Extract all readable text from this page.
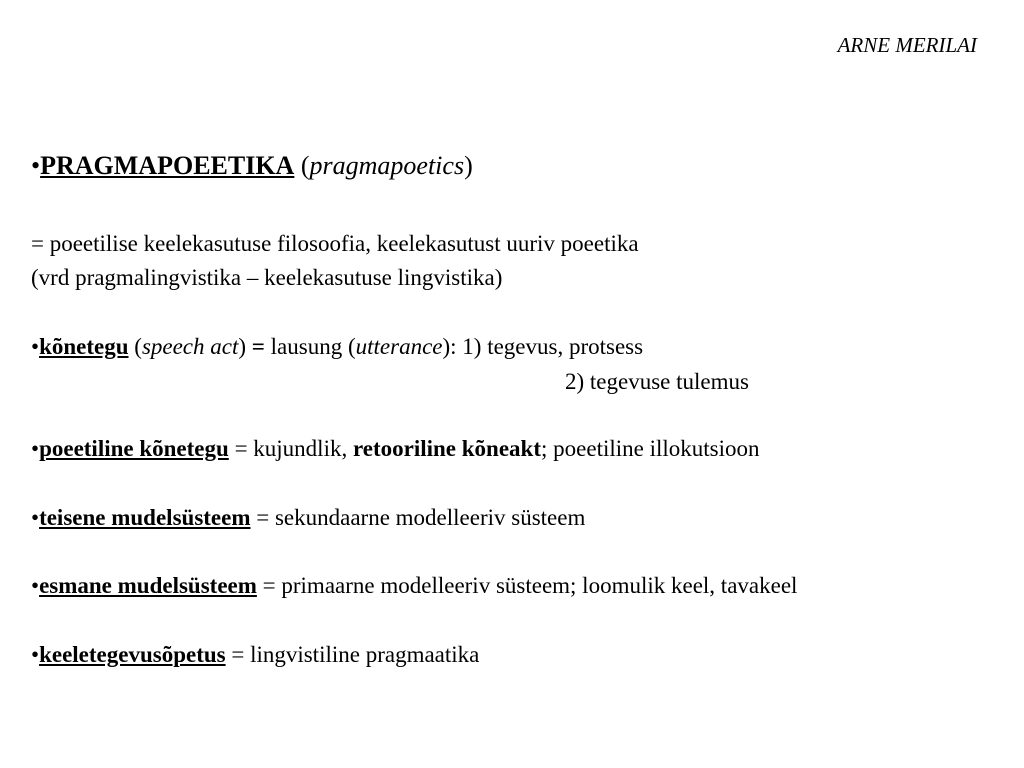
ARNE MERILAI
•PRAGMAPOEETIKA (pragmapoetics)
= poeetilise keelekasutuse filosoofia, keelekasutust uuriv poeetika
(vrd pragmalingvistika – keelekasutuse lingvistika)
•kõnetegu (speech act) = lausung (utterance): 1) tegevus, protsess
2) tegevuse tulemus
•poeetiline kõnetegu = kujundlik, retooriline kõneakt; poeetiline illokutsioon
•teisene mudelsüsteem = sekundaarne modelleeriv süsteem
•esmane mudelsüsteem = primaarne modelleeriv süsteem; loomulik keel, tavakeel
•keeletegevusõpetus = lingvistiline pragmaatika
